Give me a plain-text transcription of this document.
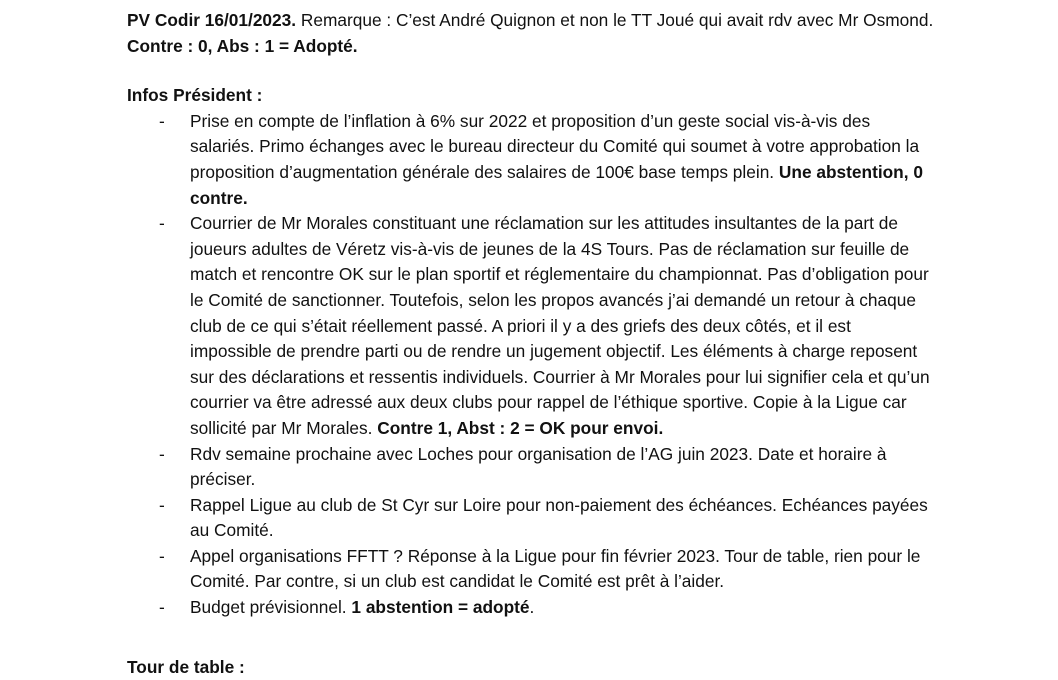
PV Codir 16/01/2023. Remarque : C’est André Quignon et non le TT Joué qui avait rdv avec Mr Osmond. Contre : 0, Abs : 1 = Adopté.

Infos Président :

- Prise en compte de l’inflation à 6% sur 2022 et proposition d’un geste social vis-à-vis des salariés. Primo échanges avec le bureau directeur du Comité qui soumet à votre approbation la proposition d’augmentation générale des salaires de 100€ base temps plein. Une abstention, 0 contre.
- Courrier de Mr Morales constituant une réclamation sur les attitudes insultantes de la part de joueurs adultes de Véretz vis-à-vis de jeunes de la 4S Tours. Pas de réclamation sur feuille de match et rencontre OK sur le plan sportif et réglementaire du championnat. Pas d’obligation pour le Comité de sanctionner. Toutefois, selon les propos avancés j’ai demandé un retour à chaque club de ce qui s’était réellement passé. A priori il y a des griefs des deux côtés, et il est impossible de prendre parti ou de rendre un jugement objectif. Les éléments à charge reposent sur des déclarations et ressentis individuels. Courrier à Mr Morales pour lui signifier cela et qu’un courrier va être adressé aux deux clubs pour rappel de l’éthique sportive. Copie à la Ligue car sollicité par Mr Morales. Contre 1, Abst : 2 = OK pour envoi.
- Rdv semaine prochaine avec Loches pour organisation de l’AG juin 2023. Date et horaire à préciser.
- Rappel Ligue au club de St Cyr sur Loire pour non-paiement des échéances. Echéances payées au Comité.
- Appel organisations FFTT ? Réponse à la Ligue pour fin février 2023. Tour de table, rien pour le Comité. Par contre, si un club est candidat le Comité est prêt à l’aider.
- Budget prévisionnel. 1 abstention = adopté.

Tour de table :
